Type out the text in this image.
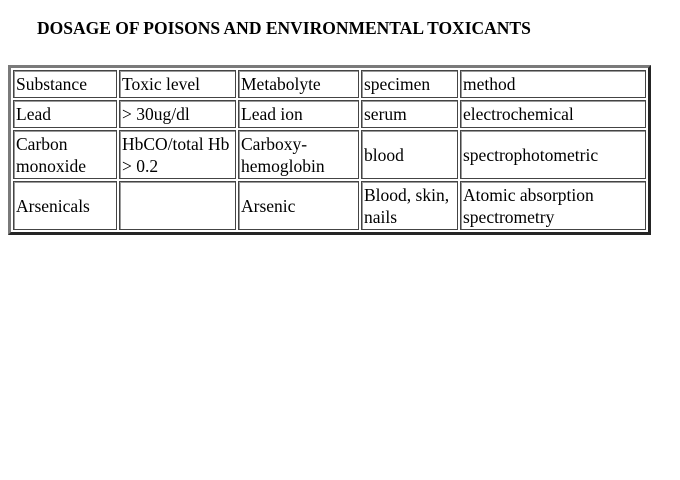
DOSAGE OF POISONS AND ENVIRONMENTAL TOXICANTS
Substance	Toxic level	Metabolyte	specimen	method
Lead	> 30ug/dl	Lead ion	serum	electrochemical
Carbon monoxide	HbCO/total Hb > 0.2	Carboxy-hemoglobin	blood	spectrophotometric
Arsenicals		Arsenic	Blood, skin, nails	Atomic absorption spectrometry
